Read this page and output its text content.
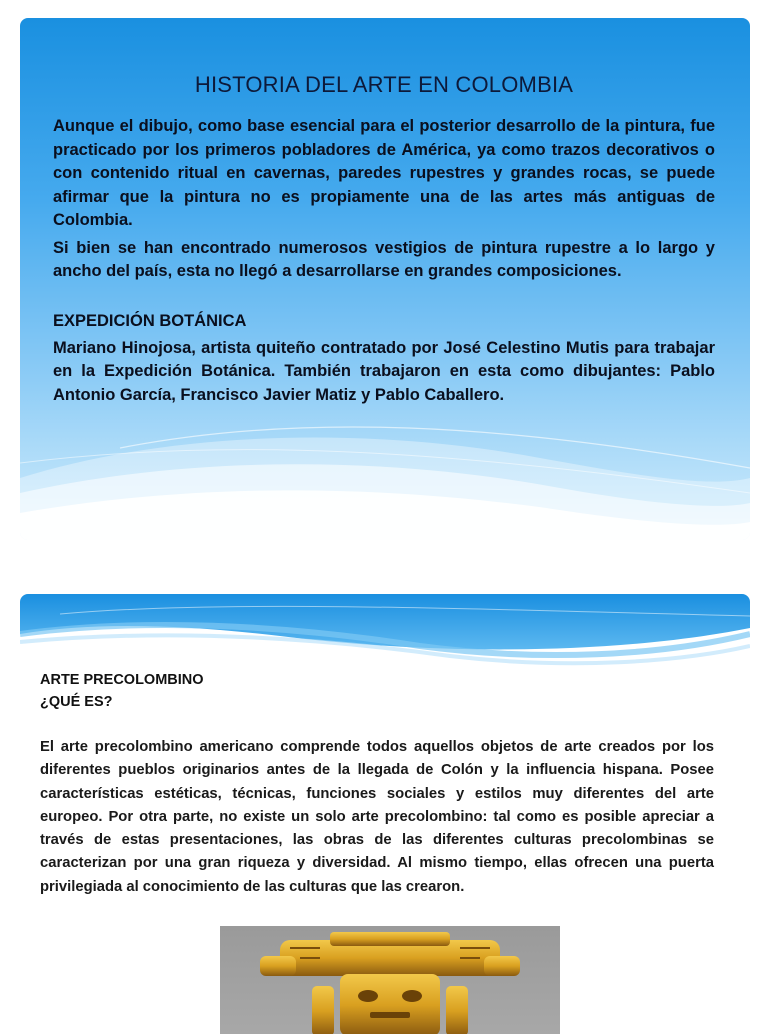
HISTORIA DEL ARTE EN COLOMBIA

Aunque el dibujo, como base esencial para el posterior desarrollo de la pintura, fue practicado por los primeros pobladores de América, ya como trazos decorativos o con contenido ritual en cavernas, paredes rupestres y grandes rocas, se puede afirmar que la pintura no es propiamente una de las artes más antiguas de Colombia.

Si bien se han encontrado numerosos vestigios de pintura rupestre a lo largo y ancho del país, esta no llegó a desarrollarse en grandes composiciones.

EXPEDICIÓN BOTÁNICA

Mariano Hinojosa, artista quiteño contratado por José Celestino Mutis para trabajar en la Expedición Botánica. También trabajaron en esta como dibujantes: Pablo Antonio García, Francisco Javier Matiz y Pablo Caballero.

ARTE PRECOLOMBINO
¿QUÉ ES?

El arte precolombino americano comprende todos aquellos objetos de arte creados por los diferentes pueblos originarios antes de la llegada de Colón y la influencia hispana. Posee características estéticas, técnicas, funciones sociales y estilos muy diferentes del arte europeo. Por otra parte, no existe un solo arte precolombino: tal como es posible apreciar a través de estas presentaciones, las obras de las diferentes culturas precolombinas se caracterizan por una gran riqueza y diversidad. Al mismo tiempo, ellas ofrecen una puerta privilegiada al conocimiento de las culturas que las crearon.
